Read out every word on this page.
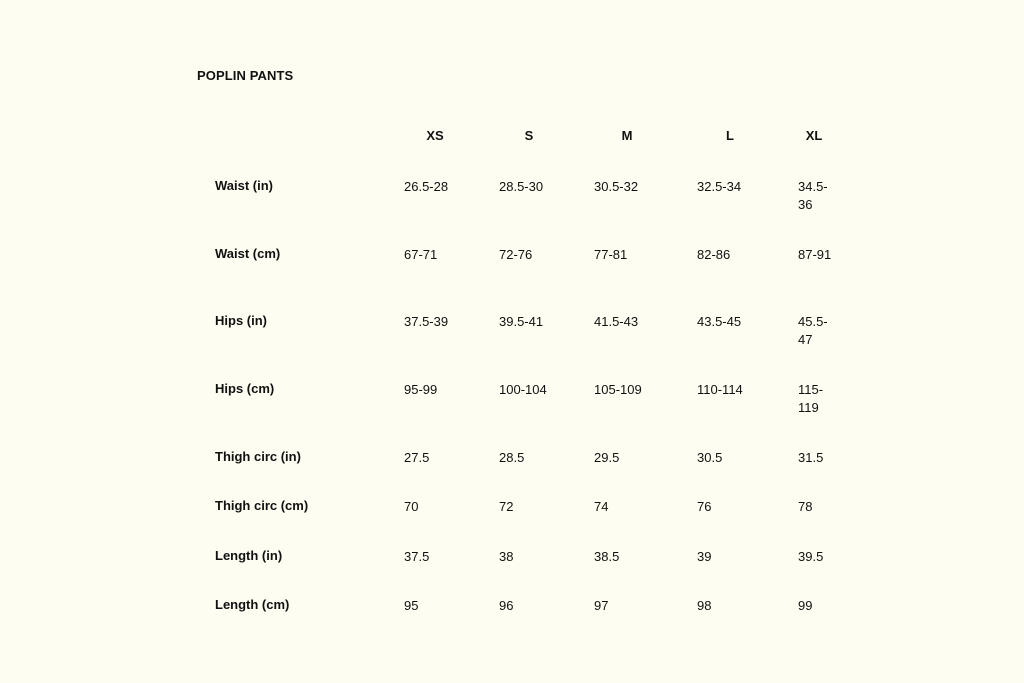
POPLIN PANTS
XS	S	M	L	XL
Waist (in)	26.5-28	28.5-30	30.5-32	32.5-34	34.5-36
Waist (cm)	67-71	72-76	77-81	82-86	87-91
Hips (in)	37.5-39	39.5-41	41.5-43	43.5-45	45.5-47
Hips (cm)	95-99	100-104	105-109	110-114	115-119
Thigh circ (in)	27.5	28.5	29.5	30.5	31.5
Thigh circ (cm)	70	72	74	76	78
Length (in)	37.5	38	38.5	39	39.5
Length (cm)	95	96	97	98	99
